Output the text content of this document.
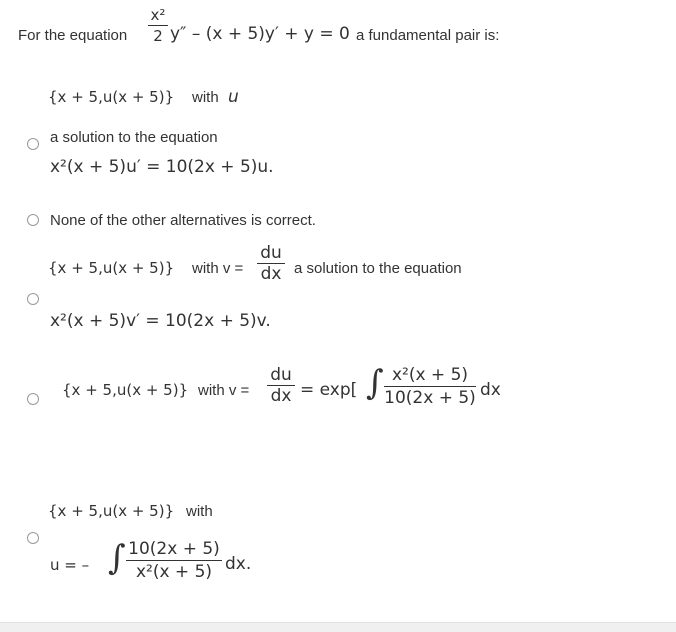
For the equation
x²
2 y″ – (x + 5)y′ + y = 0 a fundamental pair is:
{x + 5,u(x + 5)} with u
a solution to the equation
x²(x + 5)u′ = 10(2x + 5)u.
None of the other alternatives is correct.
{x + 5,u(x + 5)} with v =
du
dx a solution to the equation
x²(x + 5)v′ = 10(2x + 5)v.
{x + 5,u(x + 5)} with v =
du
dx = exp[ ∫ x²(x + 5)
10(2x + 5) dx
{x + 5,u(x + 5)} with
u = – ∫ 10(2x + 5)
x²(x + 5) dx.
